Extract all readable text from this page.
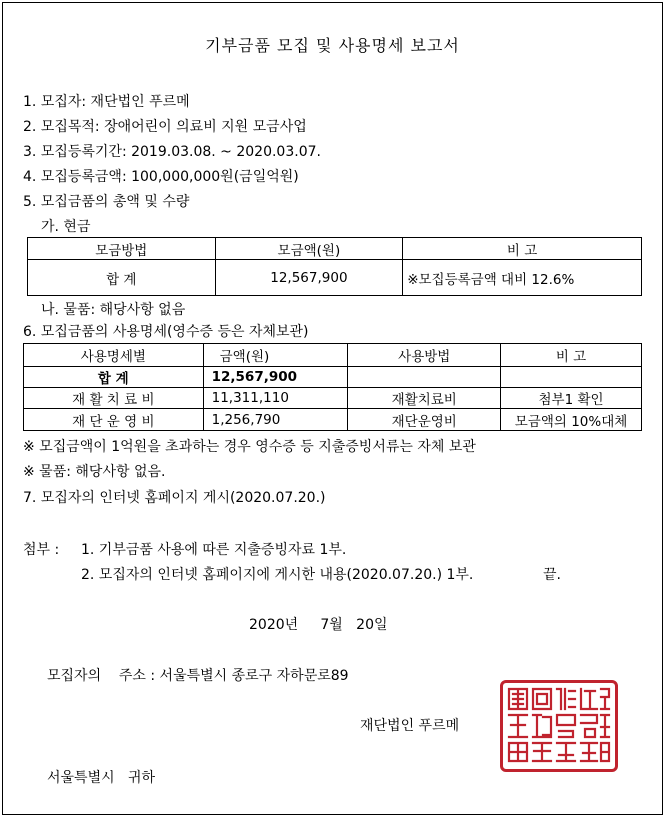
기부금품 모집 및 사용명세 보고서
1. 모집자: 재단법인 푸르메
2. 모집목적: 장애어린이 의료비 지원 모금사업
3. 모집등록기간: 2019.03.08. ~ 2020.03.07.
4. 모집등록금액: 100,000,000원(금일억원)
5. 모집금품의 총액 및 수량
가. 현금
모금방법	모금액(원)	비 고
합 계	12,567,900	※모집등록금액 대비 12.6%
나. 물품: 해당사항 없음
6. 모집금품의 사용명세(영수증 등은 자체보관)
사용명세별	금액(원)	사용방법	비 고
합 계	12,567,900		
재 활 치 료 비	11,311,110	재활치료비	첨부1 확인
재 단 운 영 비	1,256,790	재단운영비	모금액의 10%대체
※ 모집금액이 1억원을 초과하는 경우 영수증 등 지출증빙서류는 자체 보관
※ 물품: 해당사항 없음.
7. 모집자의 인터넷 홈페이지 게시(2020.07.20.)
첨부 : 1. 기부금품 사용에 따른 지출증빙자료 1부.
2. 모집자의 인터넷 홈페이지에 게시한 내용(2020.07.20.) 1부.	끝.
2020년     7월   20일
모집자의    주소 : 서울특별시 종로구 자하문로89
재단법인 푸르메
서울특별시   귀하
